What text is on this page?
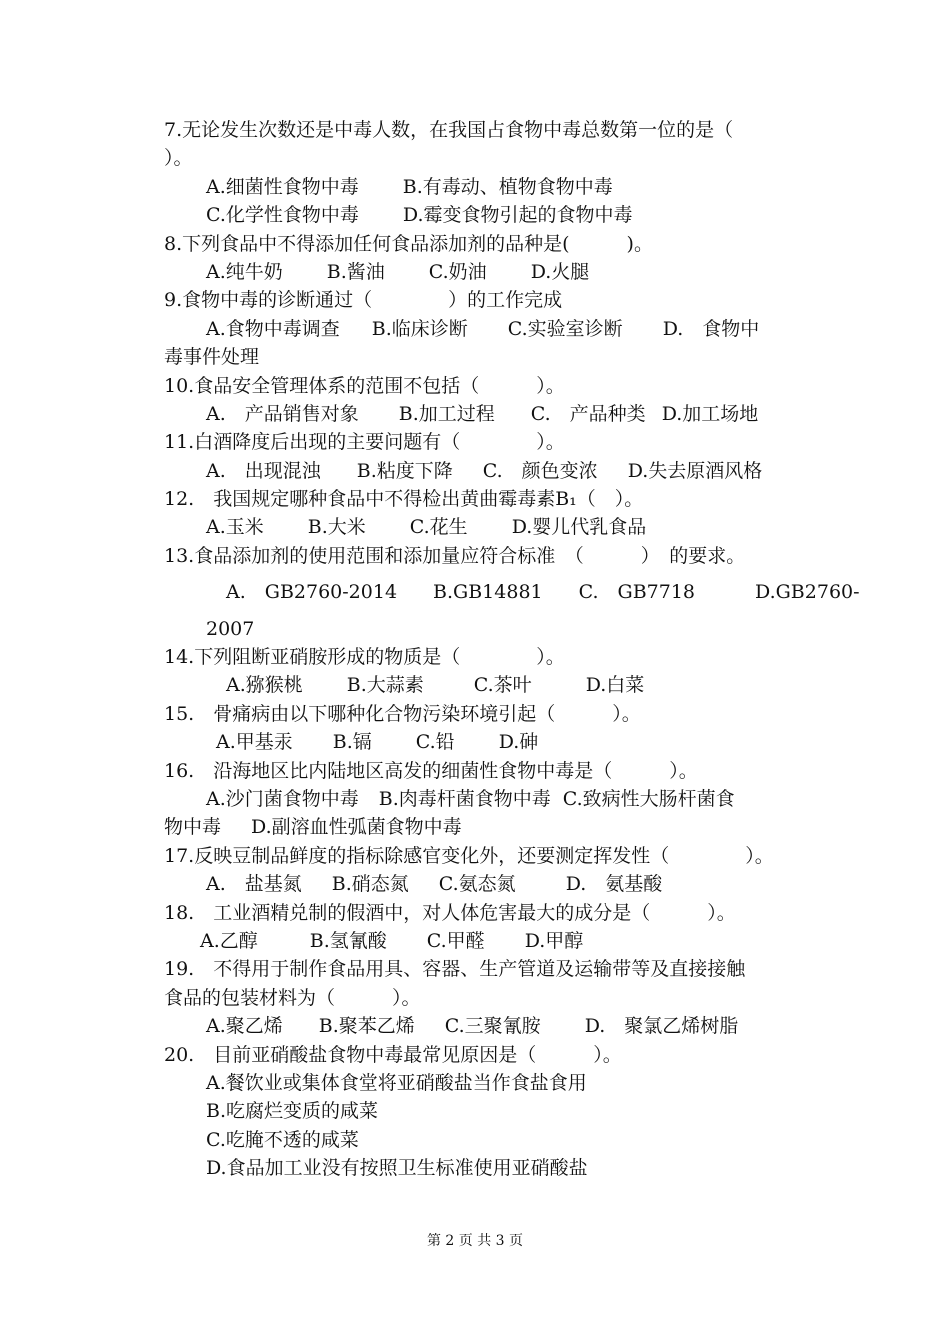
7.无论发生次数还是中毒人数，在我国占食物中毒总数第一位的是（
）。
A.细菌性食物中毒 B.有毒动、植物食物中毒
C.化学性食物中毒 D.霉变食物引起的食物中毒
8.下列食品中不得添加任何食品添加剂的品种是(　　　)。
A.纯牛奶 B.酱油 C.奶油 D.火腿
9.食物中毒的诊断通过（　　　　）的工作完成
A.食物中毒调查 B.临床诊断 C.实验室诊断 D.　食物中
毒事件处理
10.食品安全管理体系的范围不包括（　　　）。
A.　产品销售对象 B.加工过程 C.　产品种类 D.加工场地
11.白酒降度后出现的主要问题有（　　　　）。
A.　出现混浊 B.粘度下降 C.　颜色变浓 D.失去原酒风格
12.　我国规定哪种食品中不得检出黄曲霉毒素B₁（　）。
A.玉米 B.大米 C.花生 D.婴儿代乳食品
13.食品添加剂的使用范围和添加量应符合标准　（　　　）　的要求。
A.　GB2760-2014 B.GB14881 C.　GB7718	D.GB2760-
2007
14.下列阻断亚硝胺形成的物质是（　　　　）。
A.猕猴桃 B.大蒜素	C.茶叶	D.白菜
15.　骨痛病由以下哪种化合物污染环境引起（　　　）。
A.甲基汞 B.镉 C.铅 D.砷
16.　沿海地区比内陆地区高发的细菌性食物中毒是（　　　）。
A.沙门菌食物中毒 B.肉毒杆菌食物中毒 C.致病性大肠杆菌食
物中毒 D.副溶血性弧菌食物中毒
17.反映豆制品鲜度的指标除感官变化外，还要测定挥发性（　　　　）。
A.　盐基氮 B.硝态氮 C.氨态氮	D.　氨基酸
18.　工业酒精兑制的假酒中，对人体危害最大的成分是（　　　）。
A.乙醇	B.氢氰酸 C.甲醛 D.甲醇
19.　不得用于制作食品用具、容器、生产管道及运输带等及直接接触
食品的包装材料为（　　　）。
A.聚乙烯 B.聚苯乙烯 C.三聚氰胺 D.　聚氯乙烯树脂
20.　目前亚硝酸盐食物中毒最常见原因是（　　　）。
A.餐饮业或集体食堂将亚硝酸盐当作食盐食用
B.吃腐烂变质的咸菜
C.吃腌不透的咸菜
D.食品加工业没有按照卫生标准使用亚硝酸盐
第 2 页 共 3 页
